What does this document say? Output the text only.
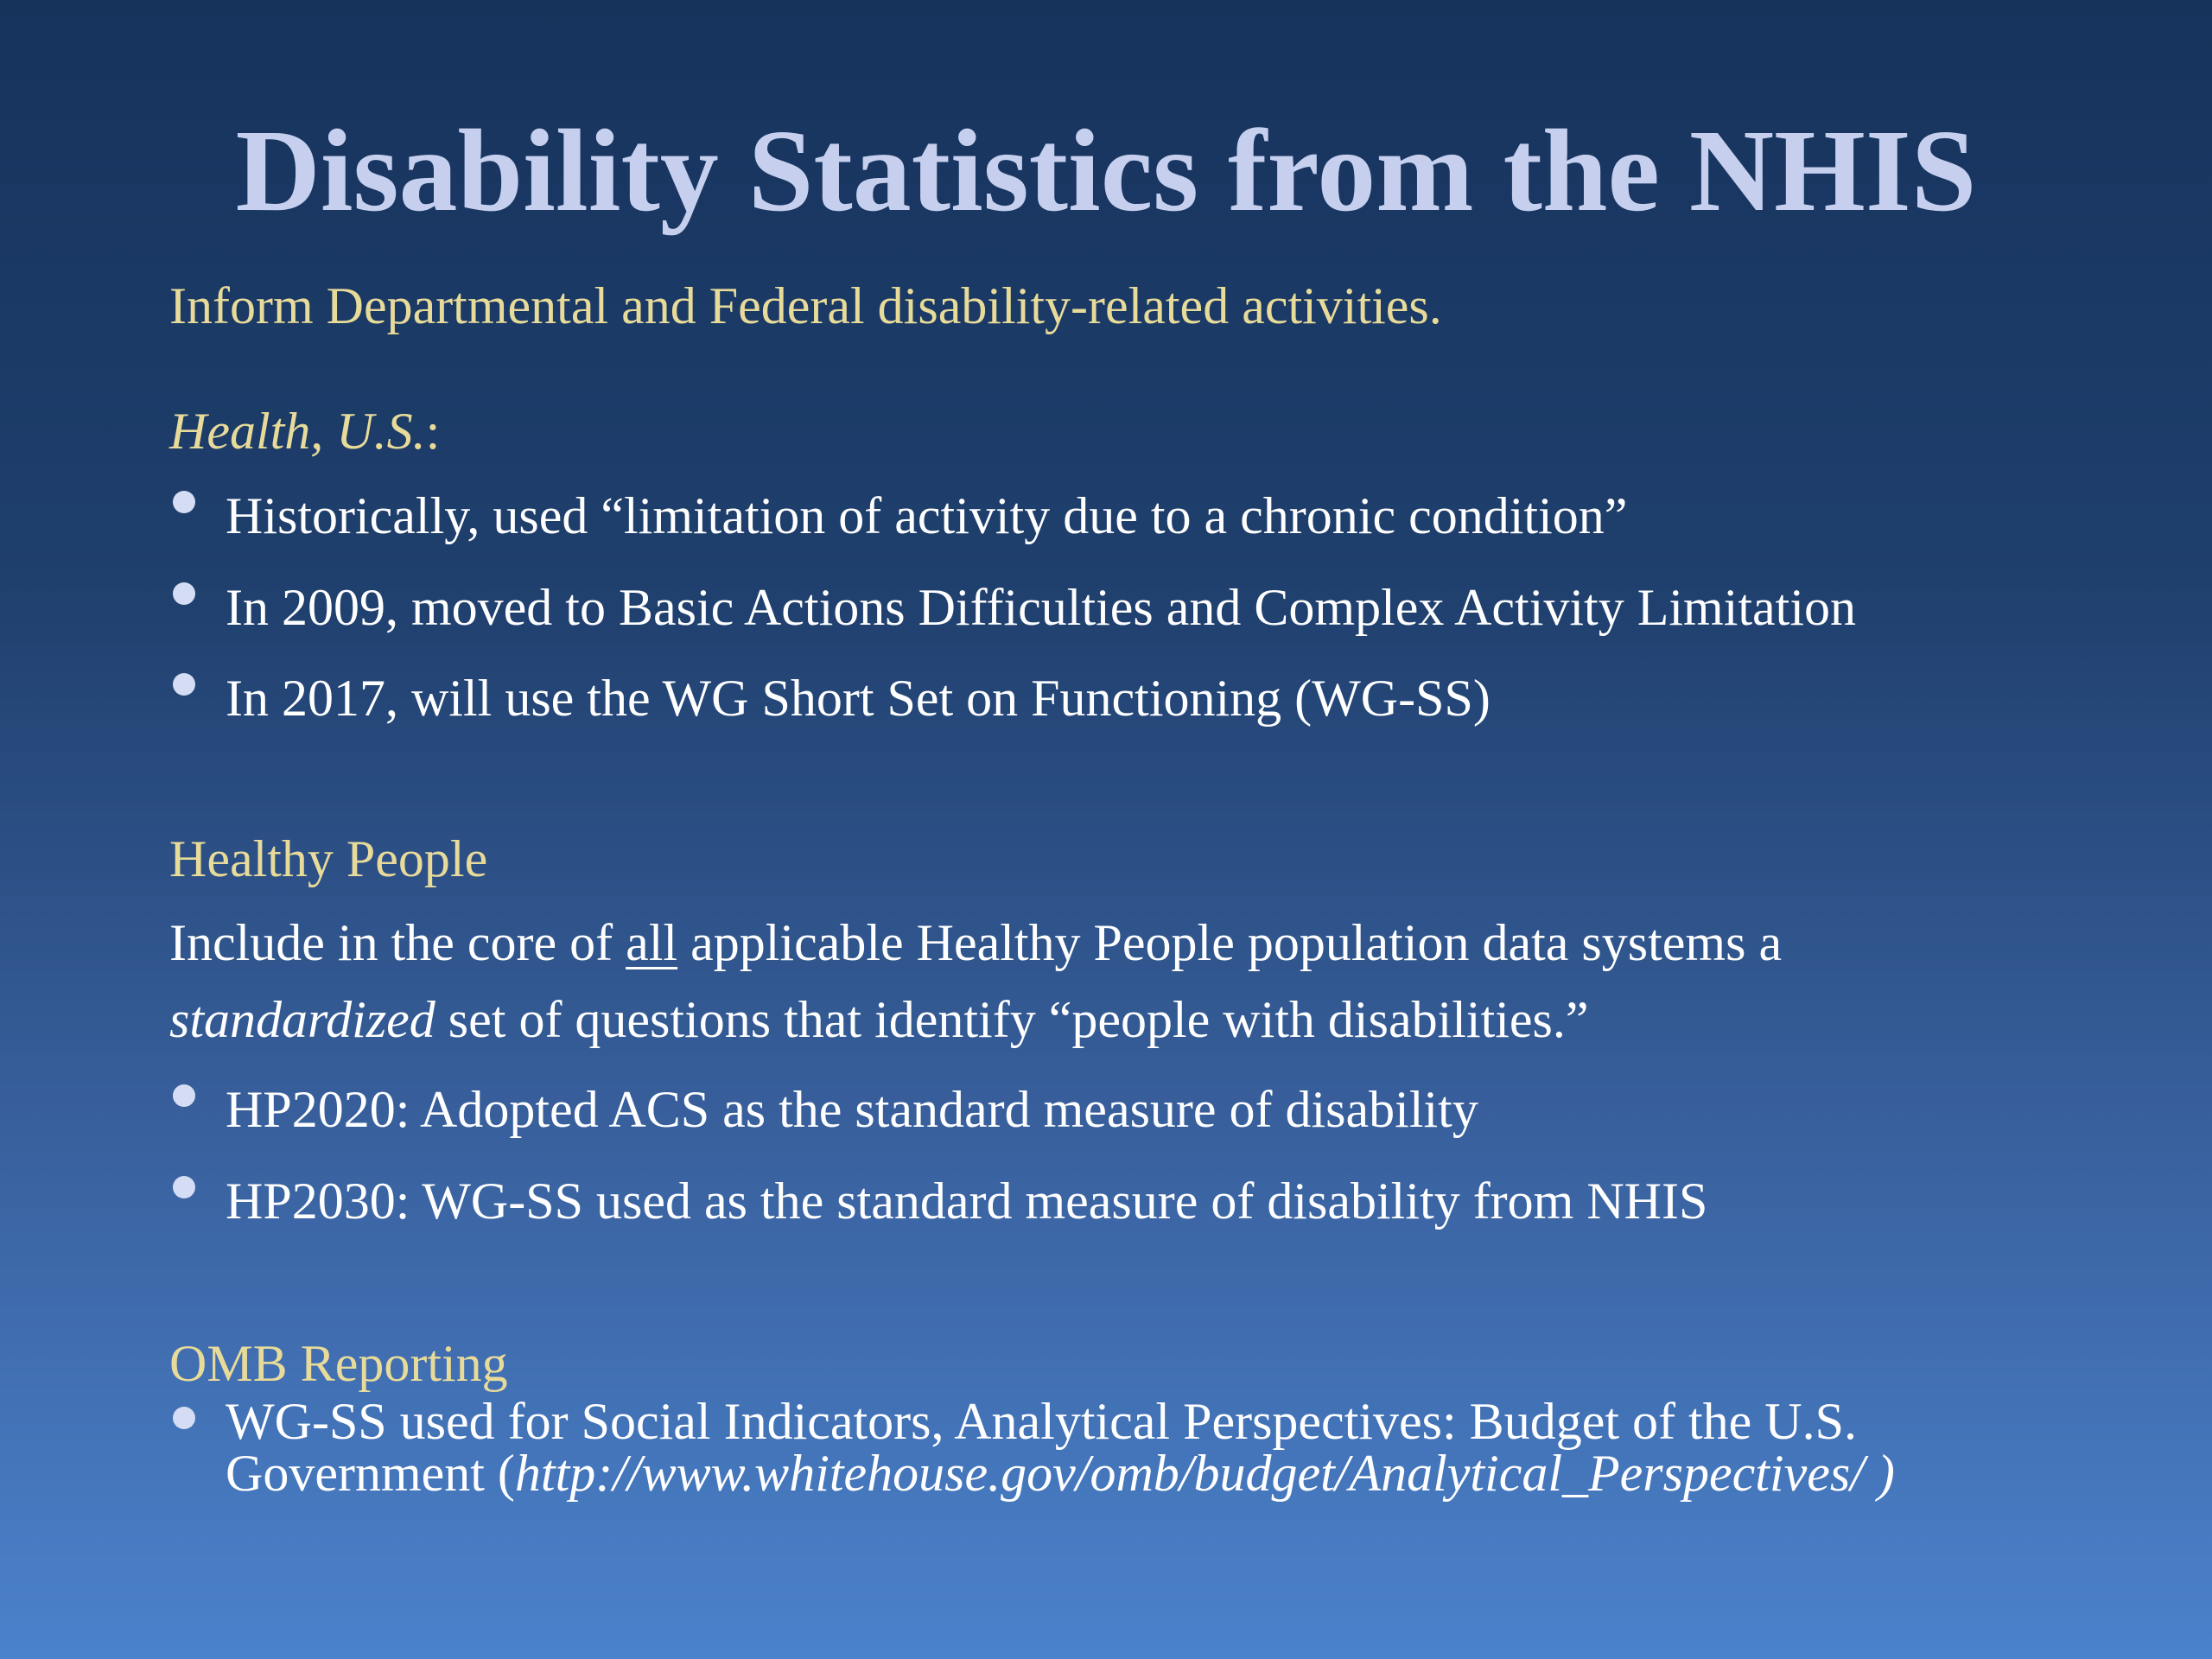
Disability Statistics from the NHIS
Inform Departmental and Federal disability-related activities.
Health, U.S.:
Historically, used “limitation of activity due to a chronic condition”
In 2009, moved to Basic Actions Difficulties and Complex Activity Limitation
In 2017, will use the WG Short Set on Functioning (WG-SS)
Healthy People
Include in the core of all applicable Healthy People population data systems a
standardized set of questions that identify “people with disabilities.”
HP2020: Adopted ACS as the standard measure of disability
HP2030: WG-SS used as the standard measure of disability from NHIS
OMB Reporting
WG-SS used for Social Indicators, Analytical Perspectives: Budget of the U.S.
Government (http://www.whitehouse.gov/omb/budget/Analytical_Perspectives/ )
